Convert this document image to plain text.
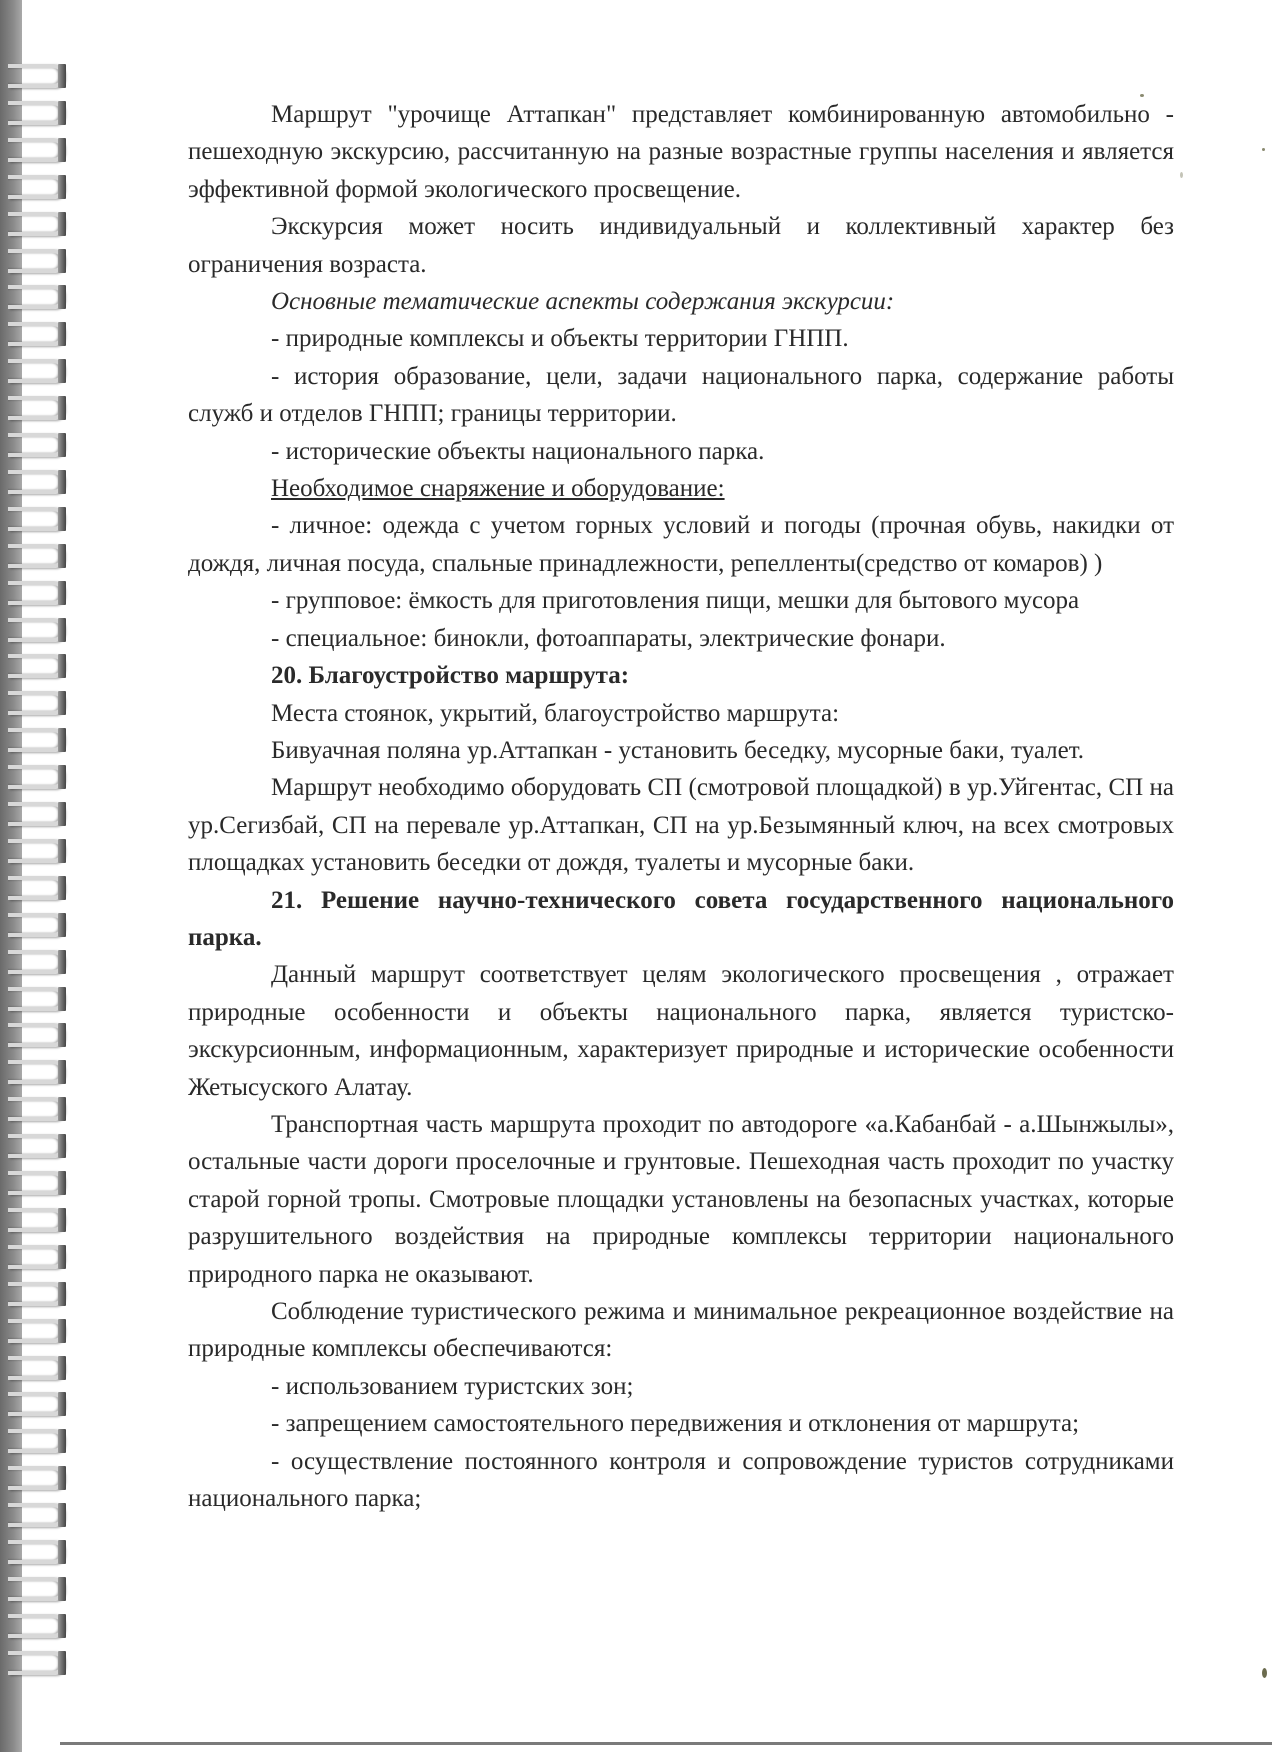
Маршрут "урочище Аттапкан" представляет комбинированную автомобильно - пешеходную экскурсию, рассчитанную на разные возрастные группы населения и является эффективной формой экологического просвещение.

Экскурсия может носить индивидуальный и коллективный характер без ограничения возраста.

Основные тематические аспекты содержания экскурсии:

- природные комплексы и объекты территории ГНПП.

- история образование, цели, задачи национального парка, содержание работы служб и отделов ГНПП; границы территории.

- исторические объекты национального парка.

Необходимое снаряжение и оборудование:

- личное: одежда с учетом горных условий и погоды (прочная обувь, накидки от дождя, личная посуда, спальные принадлежности, репелленты(средство от комаров) )

- групповое: ёмкость для приготовления пищи, мешки для бытового мусора

- специальное: бинокли, фотоаппараты, электрические фонари.

20. Благоустройство маршрута:

Места стоянок, укрытий, благоустройство маршрута:

Бивуачная поляна ур.Аттапкан - установить беседку, мусорные баки, туалет.

Маршрут необходимо оборудовать СП (смотровой площадкой) в ур.Уйгентас, СП на ур.Сегизбай, СП на перевале ур.Аттапкан, СП на ур.Безымянный ключ, на всех смотровых площадках установить беседки от дождя, туалеты и мусорные баки.

21. Решение научно-технического совета государственного национального парка.

Данный маршрут соответствует целям экологического просвещения , отражает природные особенности и объекты национального парка, является туристско-экскурсионным, информационным, характеризует природные и исторические особенности Жетысуского Алатау.

Транспортная часть маршрута проходит по автодороге «а.Кабанбай - а.Шынжылы», остальные части дороги проселочные и грунтовые. Пешеходная часть проходит по участку старой горной тропы. Смотровые площадки установлены на безопасных участках, которые разрушительного воздействия на природные комплексы территории национального природного парка не оказывают.

Соблюдение туристического режима и минимальное рекреационное воздействие на природные комплексы обеспечиваются:

- использованием туристских зон;

- запрещением самостоятельного передвижения и отклонения от маршрута;

- осуществление постоянного контроля и сопровождение туристов сотрудниками национального парка;
